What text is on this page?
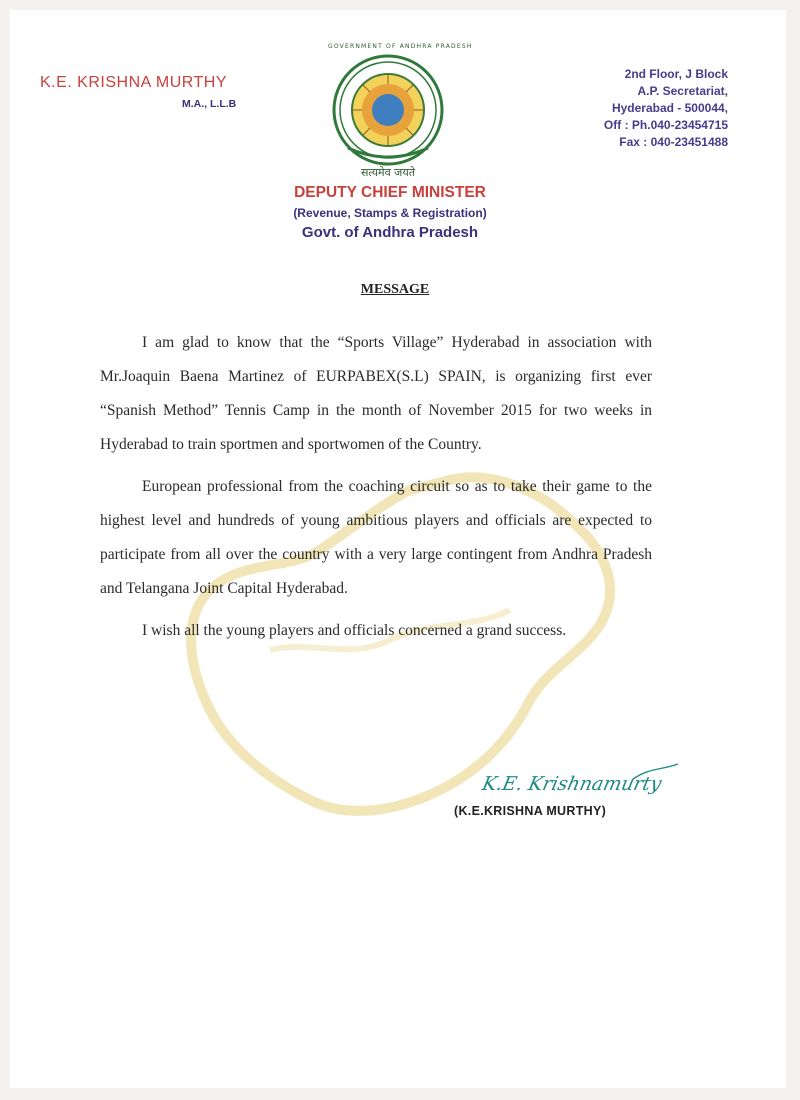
K.E. KRISHNA MURTHY
M.A., L.L.B
GOVERNMENT OF ANDHRA PRADESH
सत्यमेव जयते
2nd Floor, J Block
A.P. Secretariat,
Hyderabad - 500044,
Off : Ph.040-23454715
Fax : 040-23451488
DEPUTY CHIEF MINISTER
(Revenue, Stamps & Registration)
Govt. of Andhra Pradesh
MESSAGE

I am glad to know that the “Sports Village” Hyderabad in association with Mr.Joaquin Baena Martinez of EURPABEX(S.L) SPAIN, is organizing first ever “Spanish Method” Tennis Camp in the month of November 2015 for two weeks in Hyderabad to train sportmen and sportwomen of the Country.

European professional from the coaching circuit so as to take their game to the highest level and hundreds of young ambitious players and officials are expected to participate from all over the country with a very large contingent from Andhra Pradesh and Telangana Joint Capital Hyderabad.

I wish all the young players and officials concerned a grand success.

K.E. Krishnamurty
(K.E.KRISHNA MURTHY)
